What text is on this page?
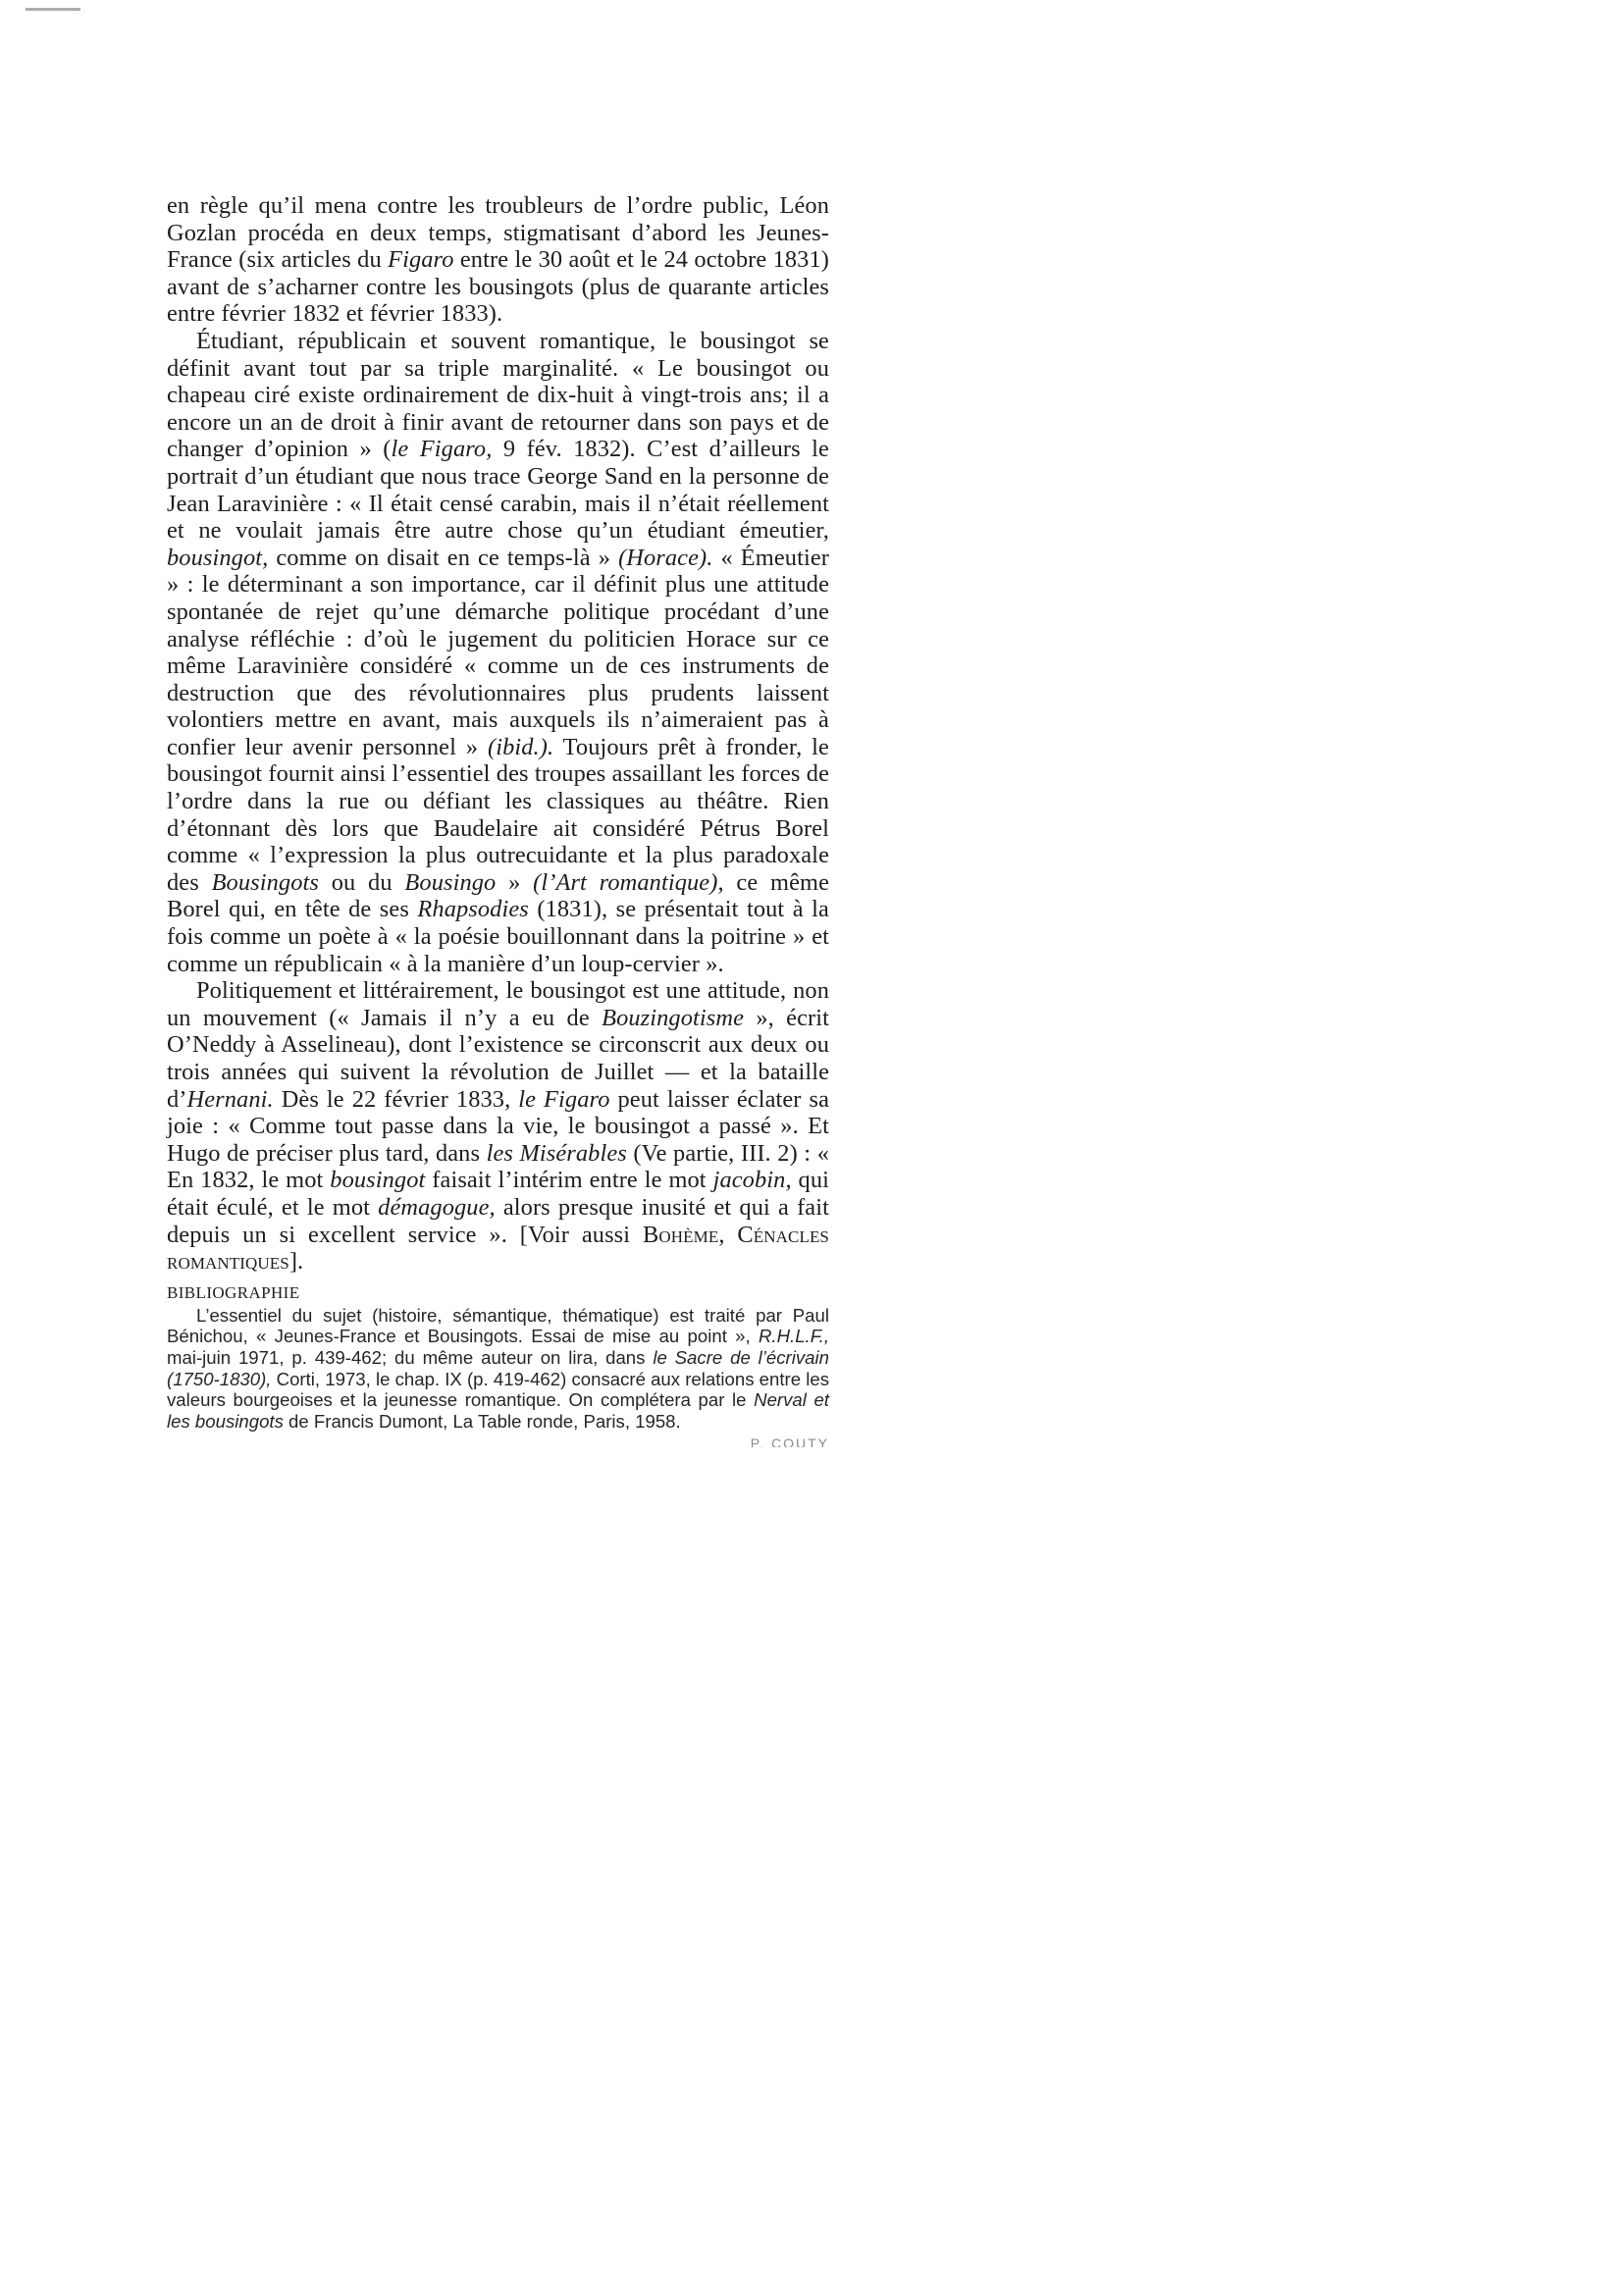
en règle qu’il mena contre les troubleurs de l’ordre public, Léon Gozlan procéda en deux temps, stigmatisant d’abord les Jeunes-France (six articles du Figaro entre le 30 août et le 24 octobre 1831) avant de s’acharner contre les bousingots (plus de quarante articles entre février 1832 et février 1833).

Étudiant, républicain et souvent romantique, le bousingot se définit avant tout par sa triple marginalité. « Le bousingot ou chapeau ciré existe ordinairement de dix-huit à vingt-trois ans; il a encore un an de droit à finir avant de retourner dans son pays et de changer d’opinion » (le Figaro, 9 fév. 1832). C’est d’ailleurs le portrait d’un étudiant que nous trace George Sand en la personne de Jean Laravinière : « Il était censé carabin, mais il n’était réellement et ne voulait jamais être autre chose qu’un étudiant émeutier, bousingot, comme on disait en ce temps-là » (Horace). « Émeutier » : le déterminant a son importance, car il définit plus une attitude spontanée de rejet qu’une démarche politique procédant d’une analyse réfléchie : d’où le jugement du politicien Horace sur ce même Laravinière considéré « comme un de ces instruments de destruction que des révolutionnaires plus prudents laissent volontiers mettre en avant, mais auxquels ils n’aimeraient pas à confier leur avenir personnel » (ibid.). Toujours prêt à fronder, le bousingot fournit ainsi l’essentiel des troupes assaillant les forces de l’ordre dans la rue ou défiant les classiques au théâtre. Rien d’étonnant dès lors que Baudelaire ait considéré Pétrus Borel comme « l’expression la plus outrecuidante et la plus paradoxale des Bousingots ou du Bousingo » (l’Art romantique), ce même Borel qui, en tête de ses Rhapsodies (1831), se présentait tout à la fois comme un poète à « la poésie bouillonnant dans la poitrine » et comme un républicain « à la manière d’un loup-cervier ».

Politiquement et littérairement, le bousingot est une attitude, non un mouvement (« Jamais il n’y a eu de Bouzingotisme », écrit O’Neddy à Asselineau), dont l’existence se circonscrit aux deux ou trois années qui suivent la révolution de Juillet — et la bataille d’Hernani. Dès le 22 février 1833, le Figaro peut laisser éclater sa joie : « Comme tout passe dans la vie, le bousingot a passé ». Et Hugo de préciser plus tard, dans les Misérables (Ve partie, III. 2) : « En 1832, le mot bousingot faisait l’intérim entre le mot jacobin, qui était éculé, et le mot démagogue, alors presque inusité et qui a fait depuis un si excellent service ». [Voir aussi Bohème, Cénacles romantiques].

BIBLIOGRAPHIE

L’essentiel du sujet (histoire, sémantique, thématique) est traité par Paul Bénichou, « Jeunes-France et Bousingots. Essai de mise au point », R.H.L.F., mai-juin 1971, p. 439-462; du même auteur on lira, dans le Sacre de l’écrivain (1750-1830), Corti, 1973, le chap. IX (p. 419-462) consacré aux relations entre les valeurs bourgeoises et la jeunesse romantique. On complétera par le Nerval et les bousingots de Francis Dumont, La Table ronde, Paris, 1958.

P. COUTY
